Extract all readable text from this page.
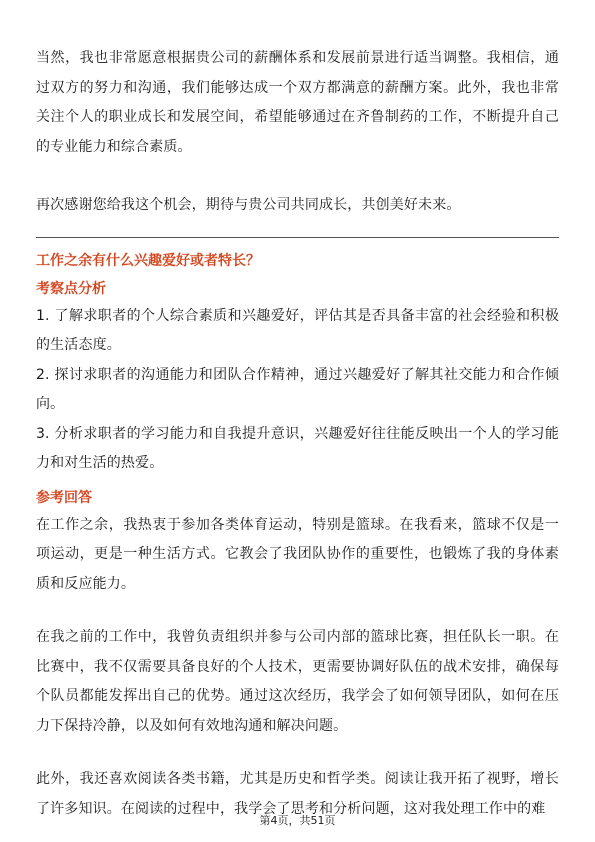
当然，我也非常愿意根据贵公司的薪酬体系和发展前景进行适当调整。我相信，通过双方的努力和沟通，我们能够达成一个双方都满意的薪酬方案。此外，我也非常关注个人的职业成长和发展空间，希望能够通过在齐鲁制药的工作，不断提升自己的专业能力和综合素质。

再次感谢您给我这个机会，期待与贵公司共同成长，共创美好未来。

工作之余有什么兴趣爱好或者特长？
考察点分析

1. 了解求职者的个人综合素质和兴趣爱好，评估其是否具备丰富的社会经验和积极的生活态度。

2. 探讨求职者的沟通能力和团队合作精神，通过兴趣爱好了解其社交能力和合作倾向。

3. 分析求职者的学习能力和自我提升意识，兴趣爱好往往能反映出一个人的学习能力和对生活的热爱。

参考回答

在工作之余，我热衷于参加各类体育运动，特别是篮球。在我看来，篮球不仅是一项运动，更是一种生活方式。它教会了我团队协作的重要性，也锻炼了我的身体素质和反应能力。

在我之前的工作中，我曾负责组织并参与公司内部的篮球比赛，担任队长一职。在比赛中，我不仅需要具备良好的个人技术，更需要协调好队伍的战术安排，确保每个队员都能发挥出自己的优势。通过这次经历，我学会了如何领导团队，如何在压力下保持冷静，以及如何有效地沟通和解决问题。

此外，我还喜欢阅读各类书籍，尤其是历史和哲学类。阅读让我开拓了视野，增长了许多知识。在阅读的过程中，我学会了思考和分析问题，这对我处理工作中的难

第4页，共51页
